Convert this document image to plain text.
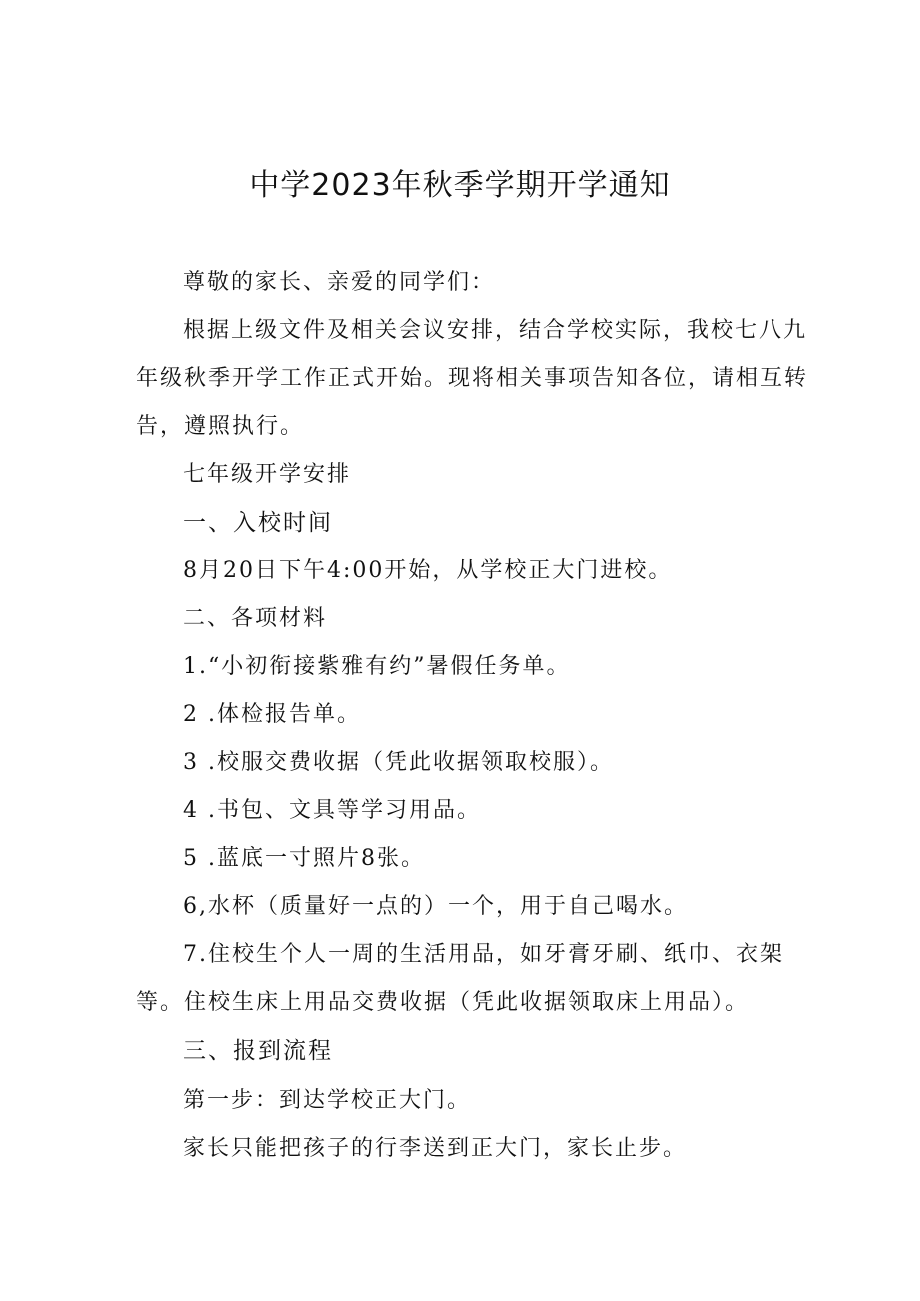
中学2023年秋季学期开学通知
尊敬的家长、亲爱的同学们：
根据上级文件及相关会议安排，结合学校实际，我校七八九
年级秋季开学工作正式开始。现将相关事项告知各位，请相互转
告，遵照执行。
七年级开学安排
一、入校时间
8月20日下午4:00开始，从学校正大门进校。
二、各项材料
1.“小初衔接紫雅有约”暑假任务单。
2 .体检报告单。
3 .校服交费收据（凭此收据领取校服）。
4 .书包、文具等学习用品。
5 .蓝底一寸照片8张。
6,水杯（质量好一点的）一个，用于自己喝水。
7.住校生个人一周的生活用品，如牙膏牙刷、纸巾、衣架
等。住校生床上用品交费收据（凭此收据领取床上用品）。
三、报到流程
第一步：到达学校正大门。
家长只能把孩子的行李送到正大门，家长止步。
